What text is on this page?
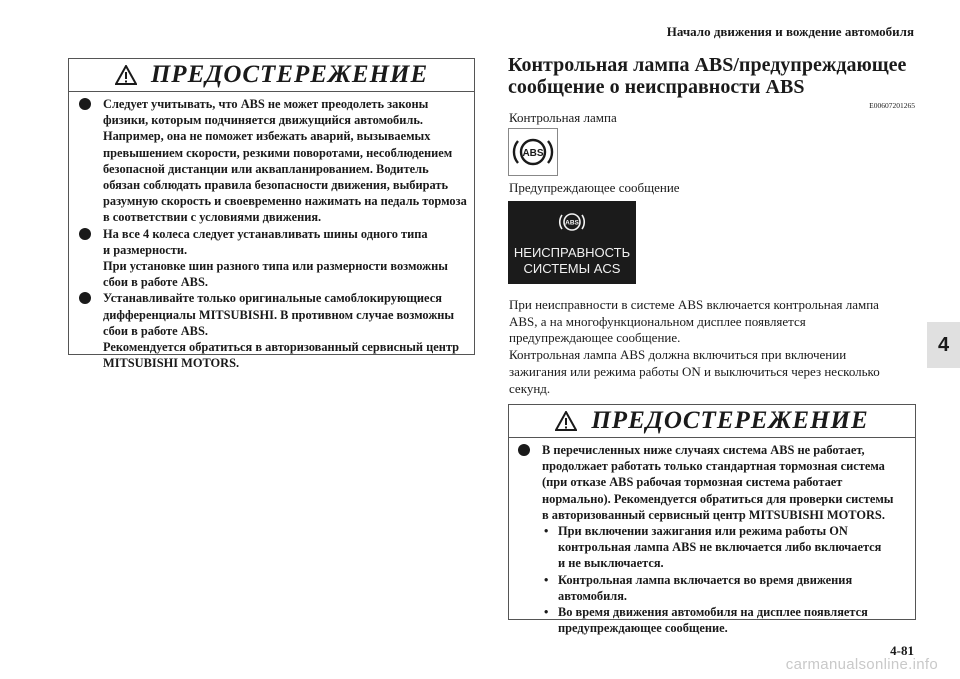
Начало движения и вождение автомобиля
ПРЕДОСТЕРЕЖЕНИЕ
Следует учитывать, что ABS не может преодолеть законы
физики, которым подчиняется движущийся автомобиль.
Например, она не поможет избежать аварий, вызываемых
превышением скорости, резкими поворотами, несоблюдением
безопасной дистанции или аквапланированием. Водитель
обязан соблюдать правила безопасности движения, выбирать
разумную скорость и своевременно нажимать на педаль тормоза
в соответствии с условиями движения.
На все 4 колеса следует устанавливать шины одного типа
и размерности.
При установке шин разного типа или размерности возможны
сбои в работе ABS.
Устанавливайте только оригинальные самоблокирующиеся
дифференциалы MITSUBISHI. В противном случае возможны
сбои в работе ABS.
Рекомендуется обратиться в авторизованный сервисный центр
MITSUBISHI MOTORS.
Контрольная лампа ABS/предупреждающее
сообщение о неисправности ABS
E00607201265
Контрольная лампа
ABS
Предупреждающее сообщение
ABS
НЕИСПРАВНОСТЬ
СИСТЕМЫ ACS

При неисправности в системе ABS включается контрольная лампа

ABS, а на многофункциональном дисплее появляется

предупреждающее сообщение.

Контрольная лампа ABS должна включиться при включении

зажигания или режима работы ON и выключиться через несколько

секунд.

ПРЕДОСТЕРЕЖЕНИЕ
В перечисленных ниже случаях система ABS не работает,
продолжает работать только стандартная тормозная система
(при отказе ABS рабочая тормозная система работает
нормально). Рекомендуется обратиться для проверки системы
в авторизованный сервисный центр MITSUBISHI MOTORS.
• При включении зажигания или режима работы ON
контрольная лампа ABS не включается либо включается
и не выключается.
• Контрольная лампа включается во время движения
автомобиля.
• Во время движения автомобиля на дисплее появляется
предупреждающее сообщение.
4
4-81
carmanualsonline.info
